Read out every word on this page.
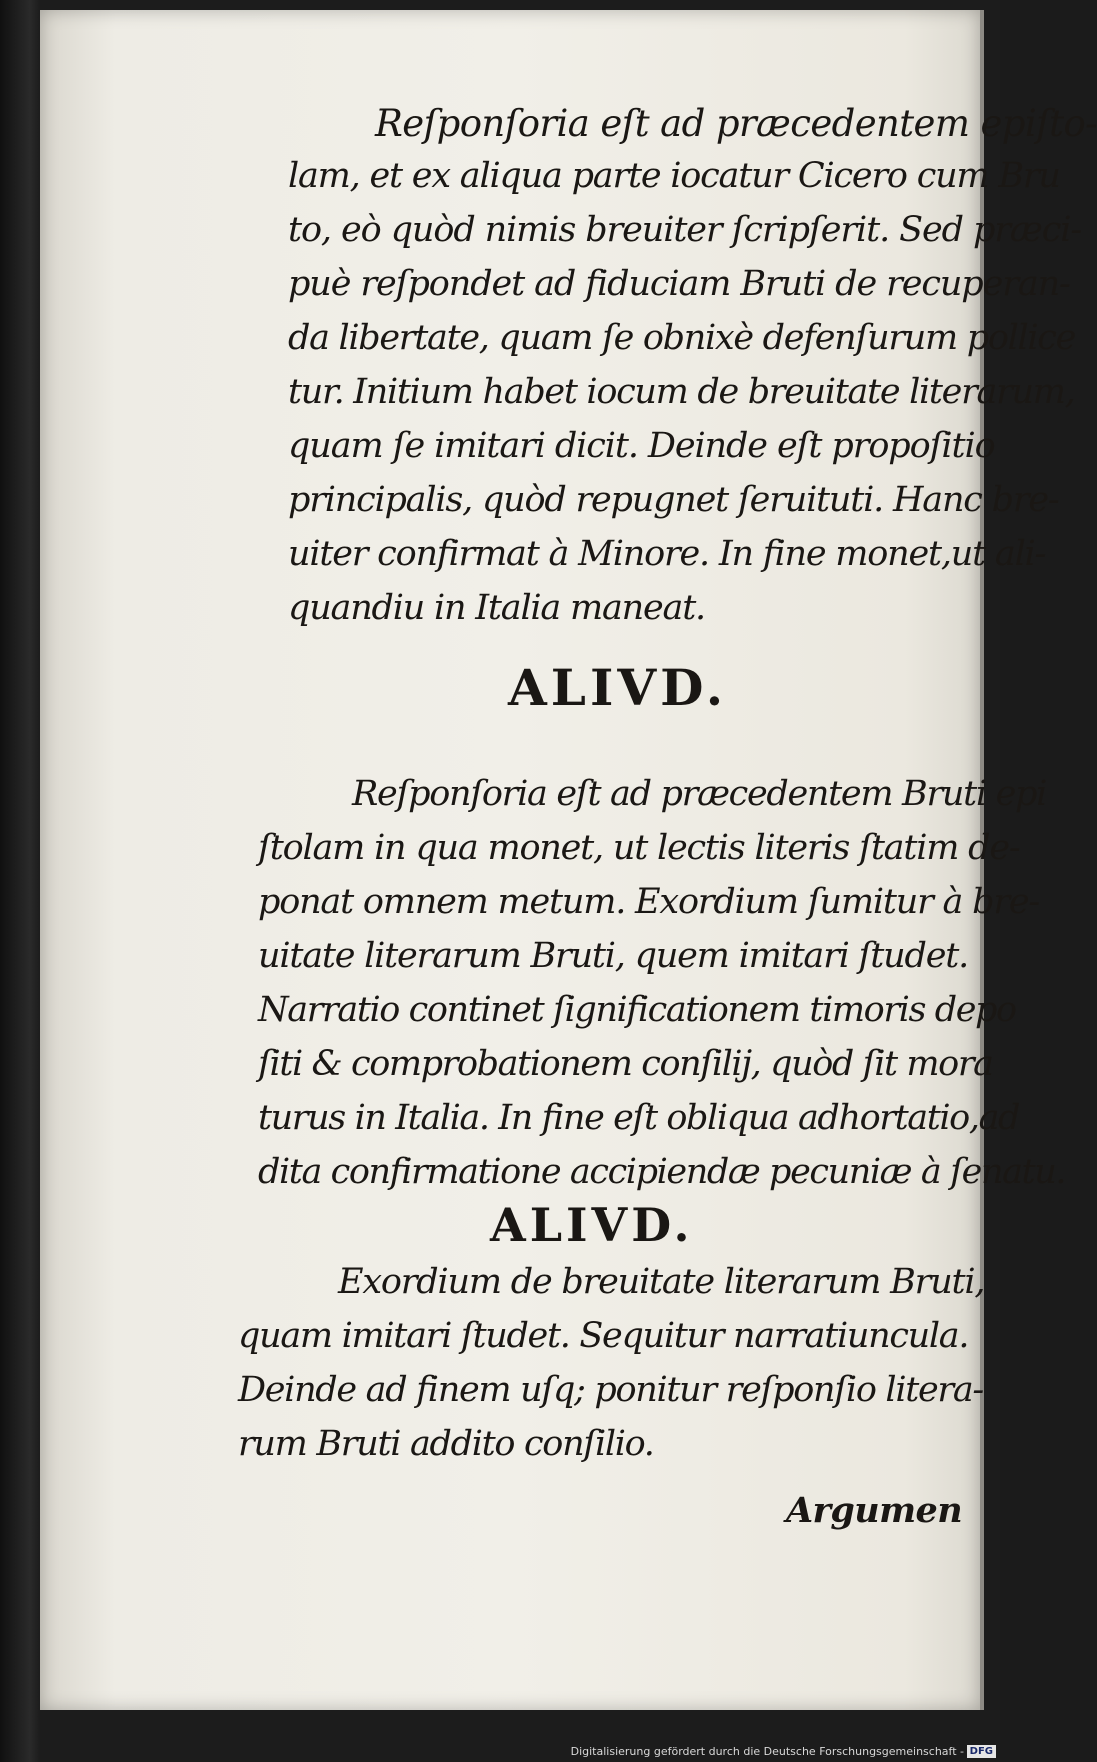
Reſponſoria eſt ad præcedentem epiſto-

lam, et ex aliqua parte iocatur Cicero cum Bru

to, eò quòd nimis breuiter ſcripſerit. Sed præci-

puè reſpondet ad fiduciam Bruti de recuperan-

da libertate, quam ſe obnixè defenſurum pollice

tur. Initium habet iocum de breuitate literarum,

quam ſe imitari dicit. Deinde eſt propoſitio

principalis, quòd repugnet ſeruituti. Hanc bre-

uiter confirmat à Minore. In fine monet,ut ali-

quandiu in Italia maneat.

ALIVD.

Reſponſoria eſt ad præcedentem Bruti epi

ſtolam in qua monet, ut lectis literis ſtatim de-

ponat omnem metum. Exordium ſumitur à bre-

uitate literarum Bruti, quem imitari ſtudet.

Narratio continet ſignificationem timoris depo

ſiti & comprobationem conſilij, quòd ſit mora

turus in Italia. In fine eſt obliqua adhortatio,ad

dita confirmatione accipiendæ pecuniæ à ſenatu.

ALIVD.

Exordium de breuitate literarum Bruti,

quam imitari ſtudet. Sequitur narratiuncula.

Deinde ad finem uſq; ponitur reſponſio litera-

rum Bruti addito conſilio.

Argumen

Digitalisierung gefördert durch die Deutsche Forschungsgemeinschaft - DFG
